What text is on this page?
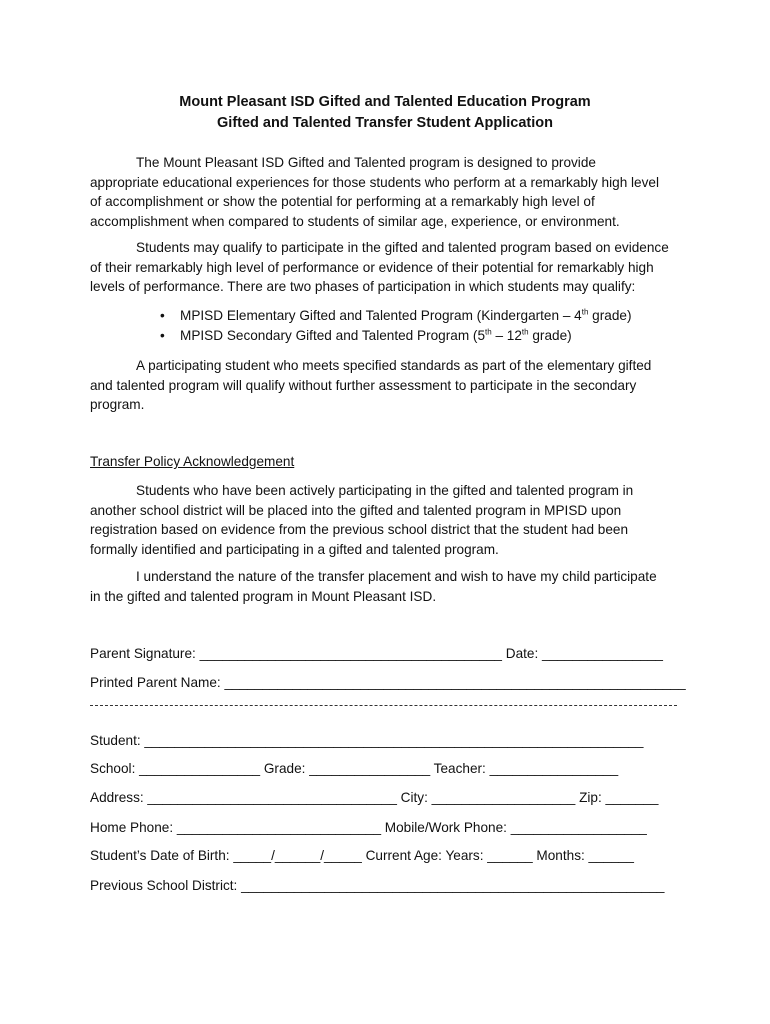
Mount Pleasant ISD Gifted and Talented Education Program
Gifted and Talented Transfer Student Application

The Mount Pleasant ISD Gifted and Talented program is designed to provide
appropriate educational experiences for those students who perform at a remarkably high level
of accomplishment or show the potential for performing at a remarkably high level of
accomplishment when compared to students of similar age, experience, or environment.

Students may qualify to participate in the gifted and talented program based on evidence
of their remarkably high level of performance or evidence of their potential for remarkably high
levels of performance. There are two phases of participation in which students may qualify:

• MPISD Elementary Gifted and Talented Program (Kindergarten – 4th grade)
• MPISD Secondary Gifted and Talented Program (5th – 12th grade)

A participating student who meets specified standards as part of the elementary gifted
and talented program will qualify without further assessment to participate in the secondary
program.

Transfer Policy Acknowledgement

Students who have been actively participating in the gifted and talented program in
another school district will be placed into the gifted and talented program in MPISD upon
registration based on evidence from the previous school district that the student had been
formally identified and participating in a gifted and talented program.

I understand the nature of the transfer placement and wish to have my child participate
in the gifted and talented program in Mount Pleasant ISD.

Parent Signature: ________________________________________ Date: ________________
Printed Parent Name: _____________________________________________________________
Student: __________________________________________________________________
School: ________________ Grade: ________________ Teacher: _________________
Address: _________________________________ City: ___________________ Zip: _______
Home Phone: ___________________________ Mobile/Work Phone: __________________
Student’s Date of Birth: _____/______/_____ Current Age: Years: ______ Months: ______
Previous School District: ________________________________________________________
